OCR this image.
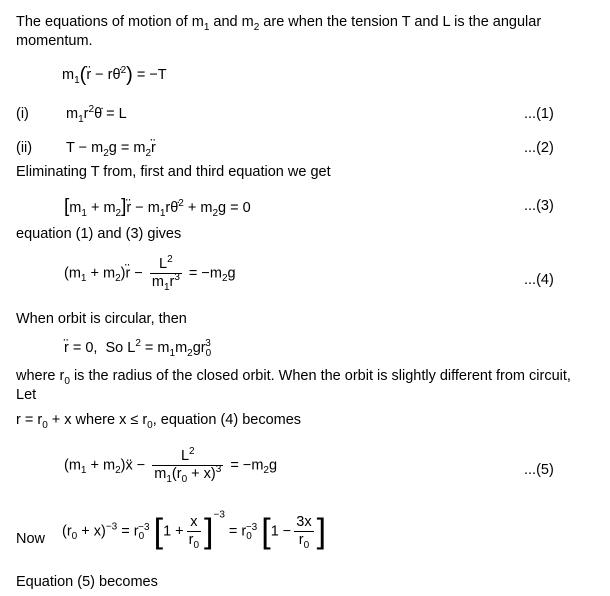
The equations of motion of $m_1$ and $m_2$ are when the tension T and L is the angular
momentum.
$m_1(r̈$ − rθ̇$^2$) = −T
(i)	$m_1r^2\thetȧ = L$	...(1)
(ii) $T - m_2g$ = $m_2r̈$	...(2)
Eliminating T from, first and third equation we get
[$m_1$ + $m_2]r̈$ − $m_1r\thetȧ^2 + m_2g = 0$	...(3)
equation (1) and (3) gives
($m_1$ + $m_2)r̈ - \frac{L^2}{m_1r^3} = -m_2g$	...(4)
When orbit is circular, then
r̈ = 0,  So $L^2 = m_1m_2gr_0^3$
where $r_0$ is the radius of the closed orbit. When the orbit is slightly different from circuit,
Let
$r = r_0 + x$ where $x \le r_0$, equation (4) becomes
($m_1$ + $m_2)ẍ - \frac{L^2}{m_1(r_0 + x)^3} = -m_2g$	...(5)
Now $(r_0 + x)^{-3} = r_0^{-3}$ $[1 + \frac{x}{r_0} ]^{-3} = r_0^{-3}$ [$1 - \frac{3x}{r_0}$ ]
Equation (5) becomes
